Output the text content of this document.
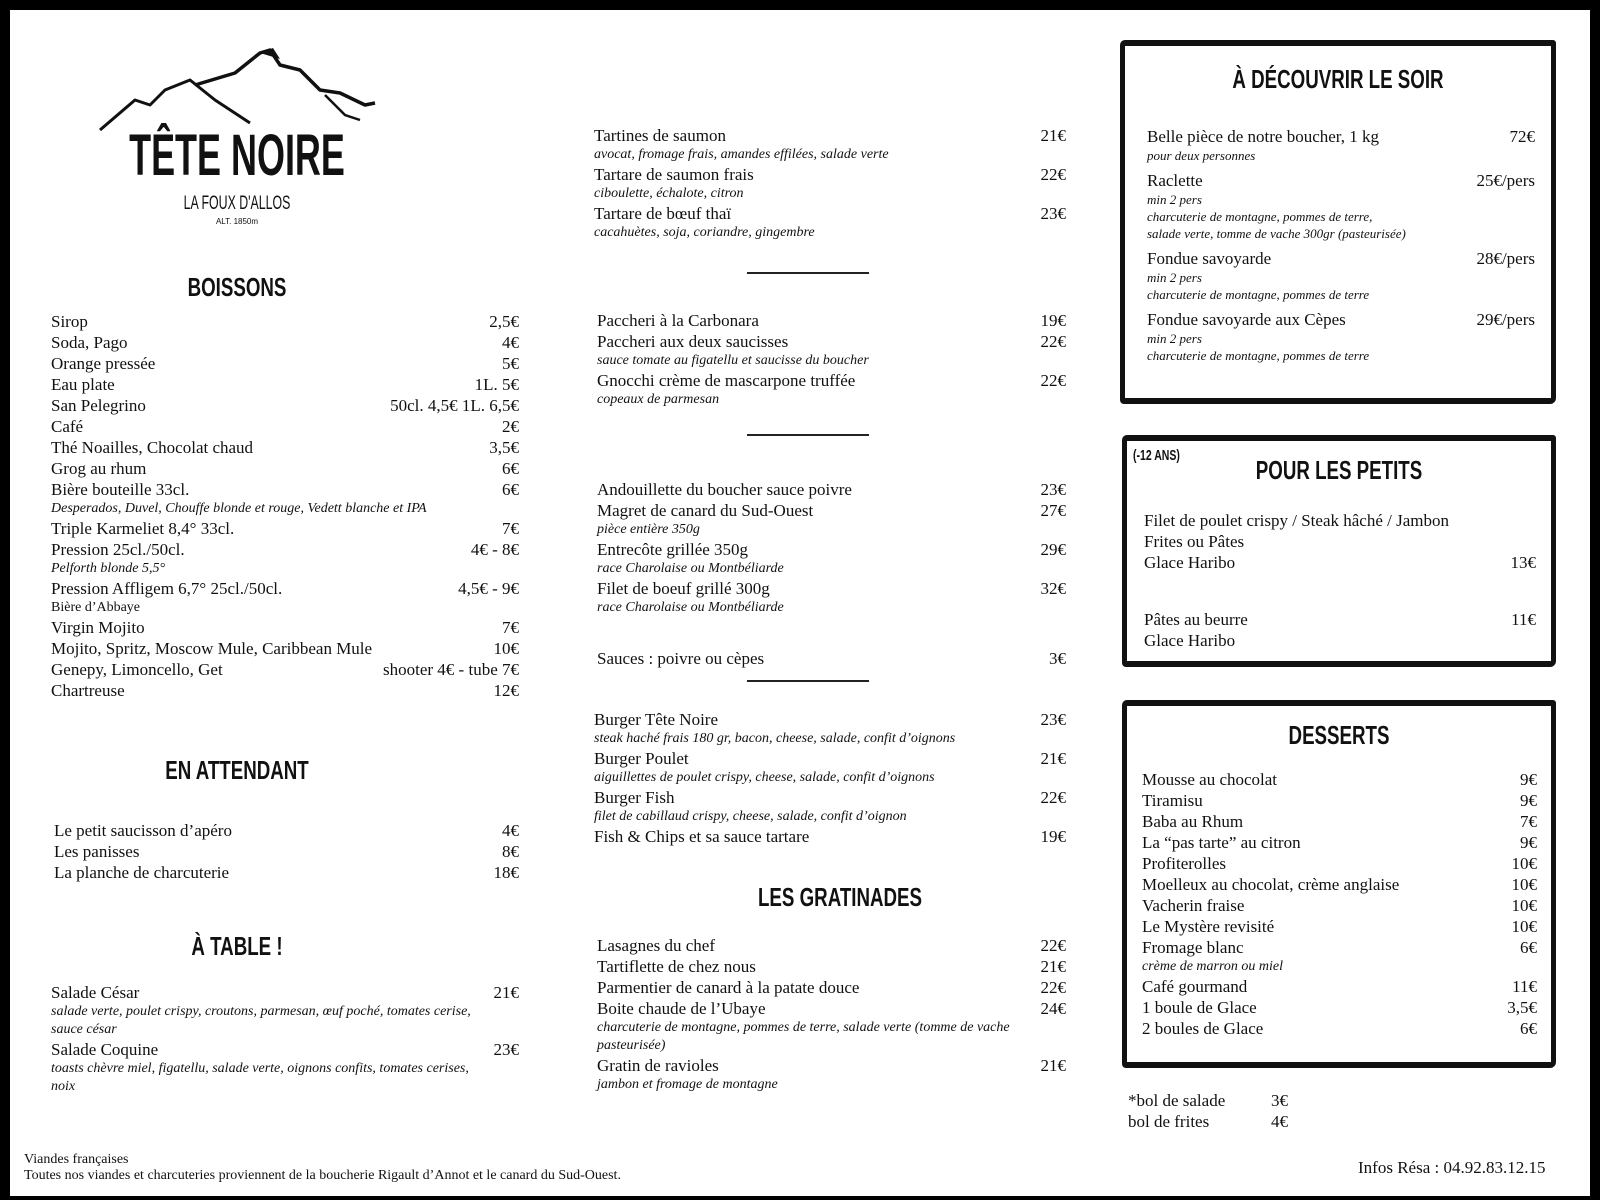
TÊTE NOIRE
LA FOUX D'ALLOS
ALT. 1850m
BOISSONS
Sirop	2,5€
Soda, Pago	4€
Orange pressée	5€
Eau plate	1L. 5€
San Pelegrino	50cl. 4,5€ 1L. 6,5€
Café	2€
Thé Noailles, Chocolat chaud	3,5€
Grog au rhum	6€
Bière bouteille 33cl.	6€
Desperados, Duvel, Chouffe blonde et rouge, Vedett blanche et IPA
Triple Karmeliet 8,4° 33cl.	7€
Pression 25cl./50cl.	4€ - 8€
Pelforth blonde 5,5°
Pression Affligem 6,7° 25cl./50cl.	4,5€ - 9€
Bière d’Abbaye
Virgin Mojito	7€
Mojito, Spritz, Moscow Mule, Caribbean Mule	10€
Genepy, Limoncello, Get	shooter 4€ - tube 7€
Chartreuse	12€
EN ATTENDANT
Le petit saucisson d’apéro	4€
Les panisses	8€
La planche de charcuterie	18€
À TABLE !
Salade César	21€
salade verte, poulet crispy, croutons, parmesan, œuf poché, tomates cerise, sauce césar
Salade Coquine	23€
toasts chèvre miel, figatellu, salade verte, oignons confits, tomates cerises, noix
Tartines de saumon	21€
avocat, fromage frais, amandes effilées, salade verte
Tartare de saumon frais	22€
ciboulette, échalote, citron
Tartare de bœuf thaï	23€
cacahuètes, soja, coriandre, gingembre
Paccheri à la Carbonara	19€
Paccheri aux deux saucisses	22€
sauce tomate au figatellu et saucisse du boucher
Gnocchi crème de mascarpone truffée	22€
copeaux de parmesan
Andouillette du boucher sauce poivre	23€
Magret de canard du Sud-Ouest	27€
pièce entière 350g
Entrecôte grillée 350g	29€
race Charolaise ou Montbéliarde
Filet de boeuf grillé 300g	32€
race Charolaise ou Montbéliarde
Sauces : poivre ou cèpes	3€
Burger Tête Noire	23€
steak haché frais 180 gr, bacon, cheese, salade, confit d’oignons
Burger Poulet	21€
aiguillettes de poulet crispy, cheese, salade, confit d’oignons
Burger Fish	22€
filet de cabillaud crispy, cheese, salade, confit d’oignon
Fish & Chips et sa sauce tartare	19€
LES GRATINADES
Lasagnes du chef	22€
Tartiflette de chez nous	21€
Parmentier de canard à la patate douce	22€
Boite chaude de l’Ubaye	24€
charcuterie de montagne, pommes de terre, salade verte (tomme de vache pasteurisée)
Gratin de ravioles	21€
jambon et fromage de montagne
À DÉCOUVRIR LE SOIR
Belle pièce de notre boucher, 1 kg	72€
pour deux personnes
Raclette	25€/pers
min 2 pers
charcuterie de montagne, pommes de terre,
salade verte, tomme de vache 300gr (pasteurisée)
Fondue savoyarde	28€/pers
min 2 pers
charcuterie de montagne, pommes de terre
Fondue savoyarde aux Cèpes	29€/pers
min 2 pers
charcuterie de montagne, pommes de terre
(-12 ANS)	POUR LES PETITS
Filet de poulet crispy / Steak hâché / Jambon
Frites ou Pâtes
Glace Haribo	13€
Pâtes au beurre	11€
Glace Haribo
DESSERTS
Mousse au chocolat	9€
Tiramisu	9€
Baba au Rhum	7€
La “pas tarte” au citron	9€
Profiterolles	10€
Moelleux au chocolat, crème anglaise	10€
Vacherin fraise	10€
Le Mystère revisité	10€
Fromage blanc	6€
crème de marron ou miel
Café gourmand	11€
1 boule de Glace	3,5€
2 boules de Glace	6€
*bol de salade	3€
bol de frites	4€
Viandes françaises
Toutes nos viandes et charcuteries proviennent de la boucherie Rigault d’Annot et le canard du Sud-Ouest.	Infos Résa : 04.92.83.12.15
